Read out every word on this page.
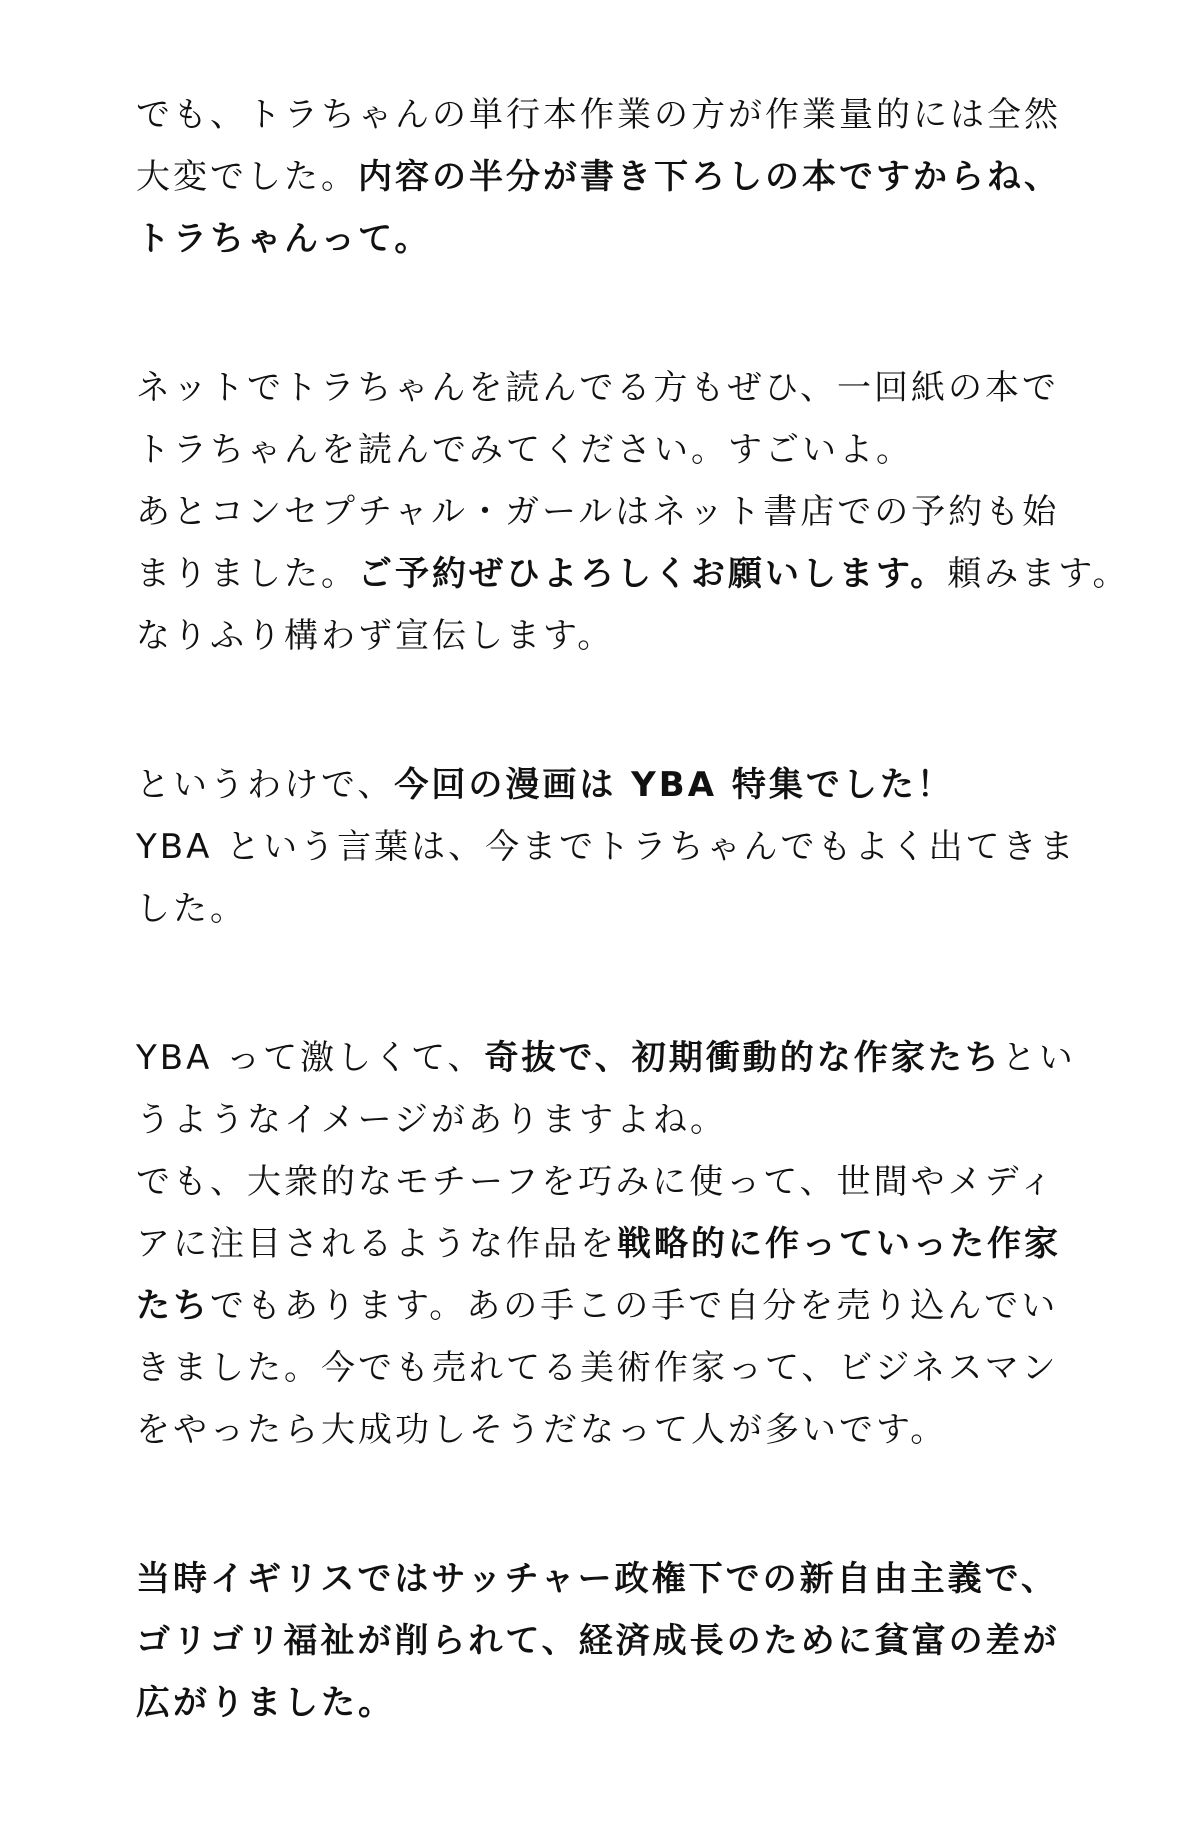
でも、トラちゃんの単行本作業の方が作業量的には全然
大変でした。内容の半分が書き下ろしの本ですからね、
トラちゃんって。
ネットでトラちゃんを読んでる方もぜひ、一回紙の本で
トラちゃんを読んでみてください。すごいよ。
あとコンセプチャル・ガールはネット書店での予約も始
まりました。ご予約ぜひよろしくお願いします。頼みます。
なりふり構わず宣伝します。
というわけで、今回の漫画は YBA 特集でした！
YBA という言葉は、今までトラちゃんでもよく出てきま
した。
YBA って激しくて、奇抜で、初期衝動的な作家たちとい
うようなイメージがありますよね。
でも、大衆的なモチーフを巧みに使って、世間やメディ
アに注目されるような作品を戦略的に作っていった作家
たちでもあります。あの手この手で自分を売り込んでい
きました。今でも売れてる美術作家って、ビジネスマン
をやったら大成功しそうだなって人が多いです。
当時イギリスではサッチャー政権下での新自由主義で、
ゴリゴリ福祉が削られて、経済成長のために貧富の差が
広がりました。
